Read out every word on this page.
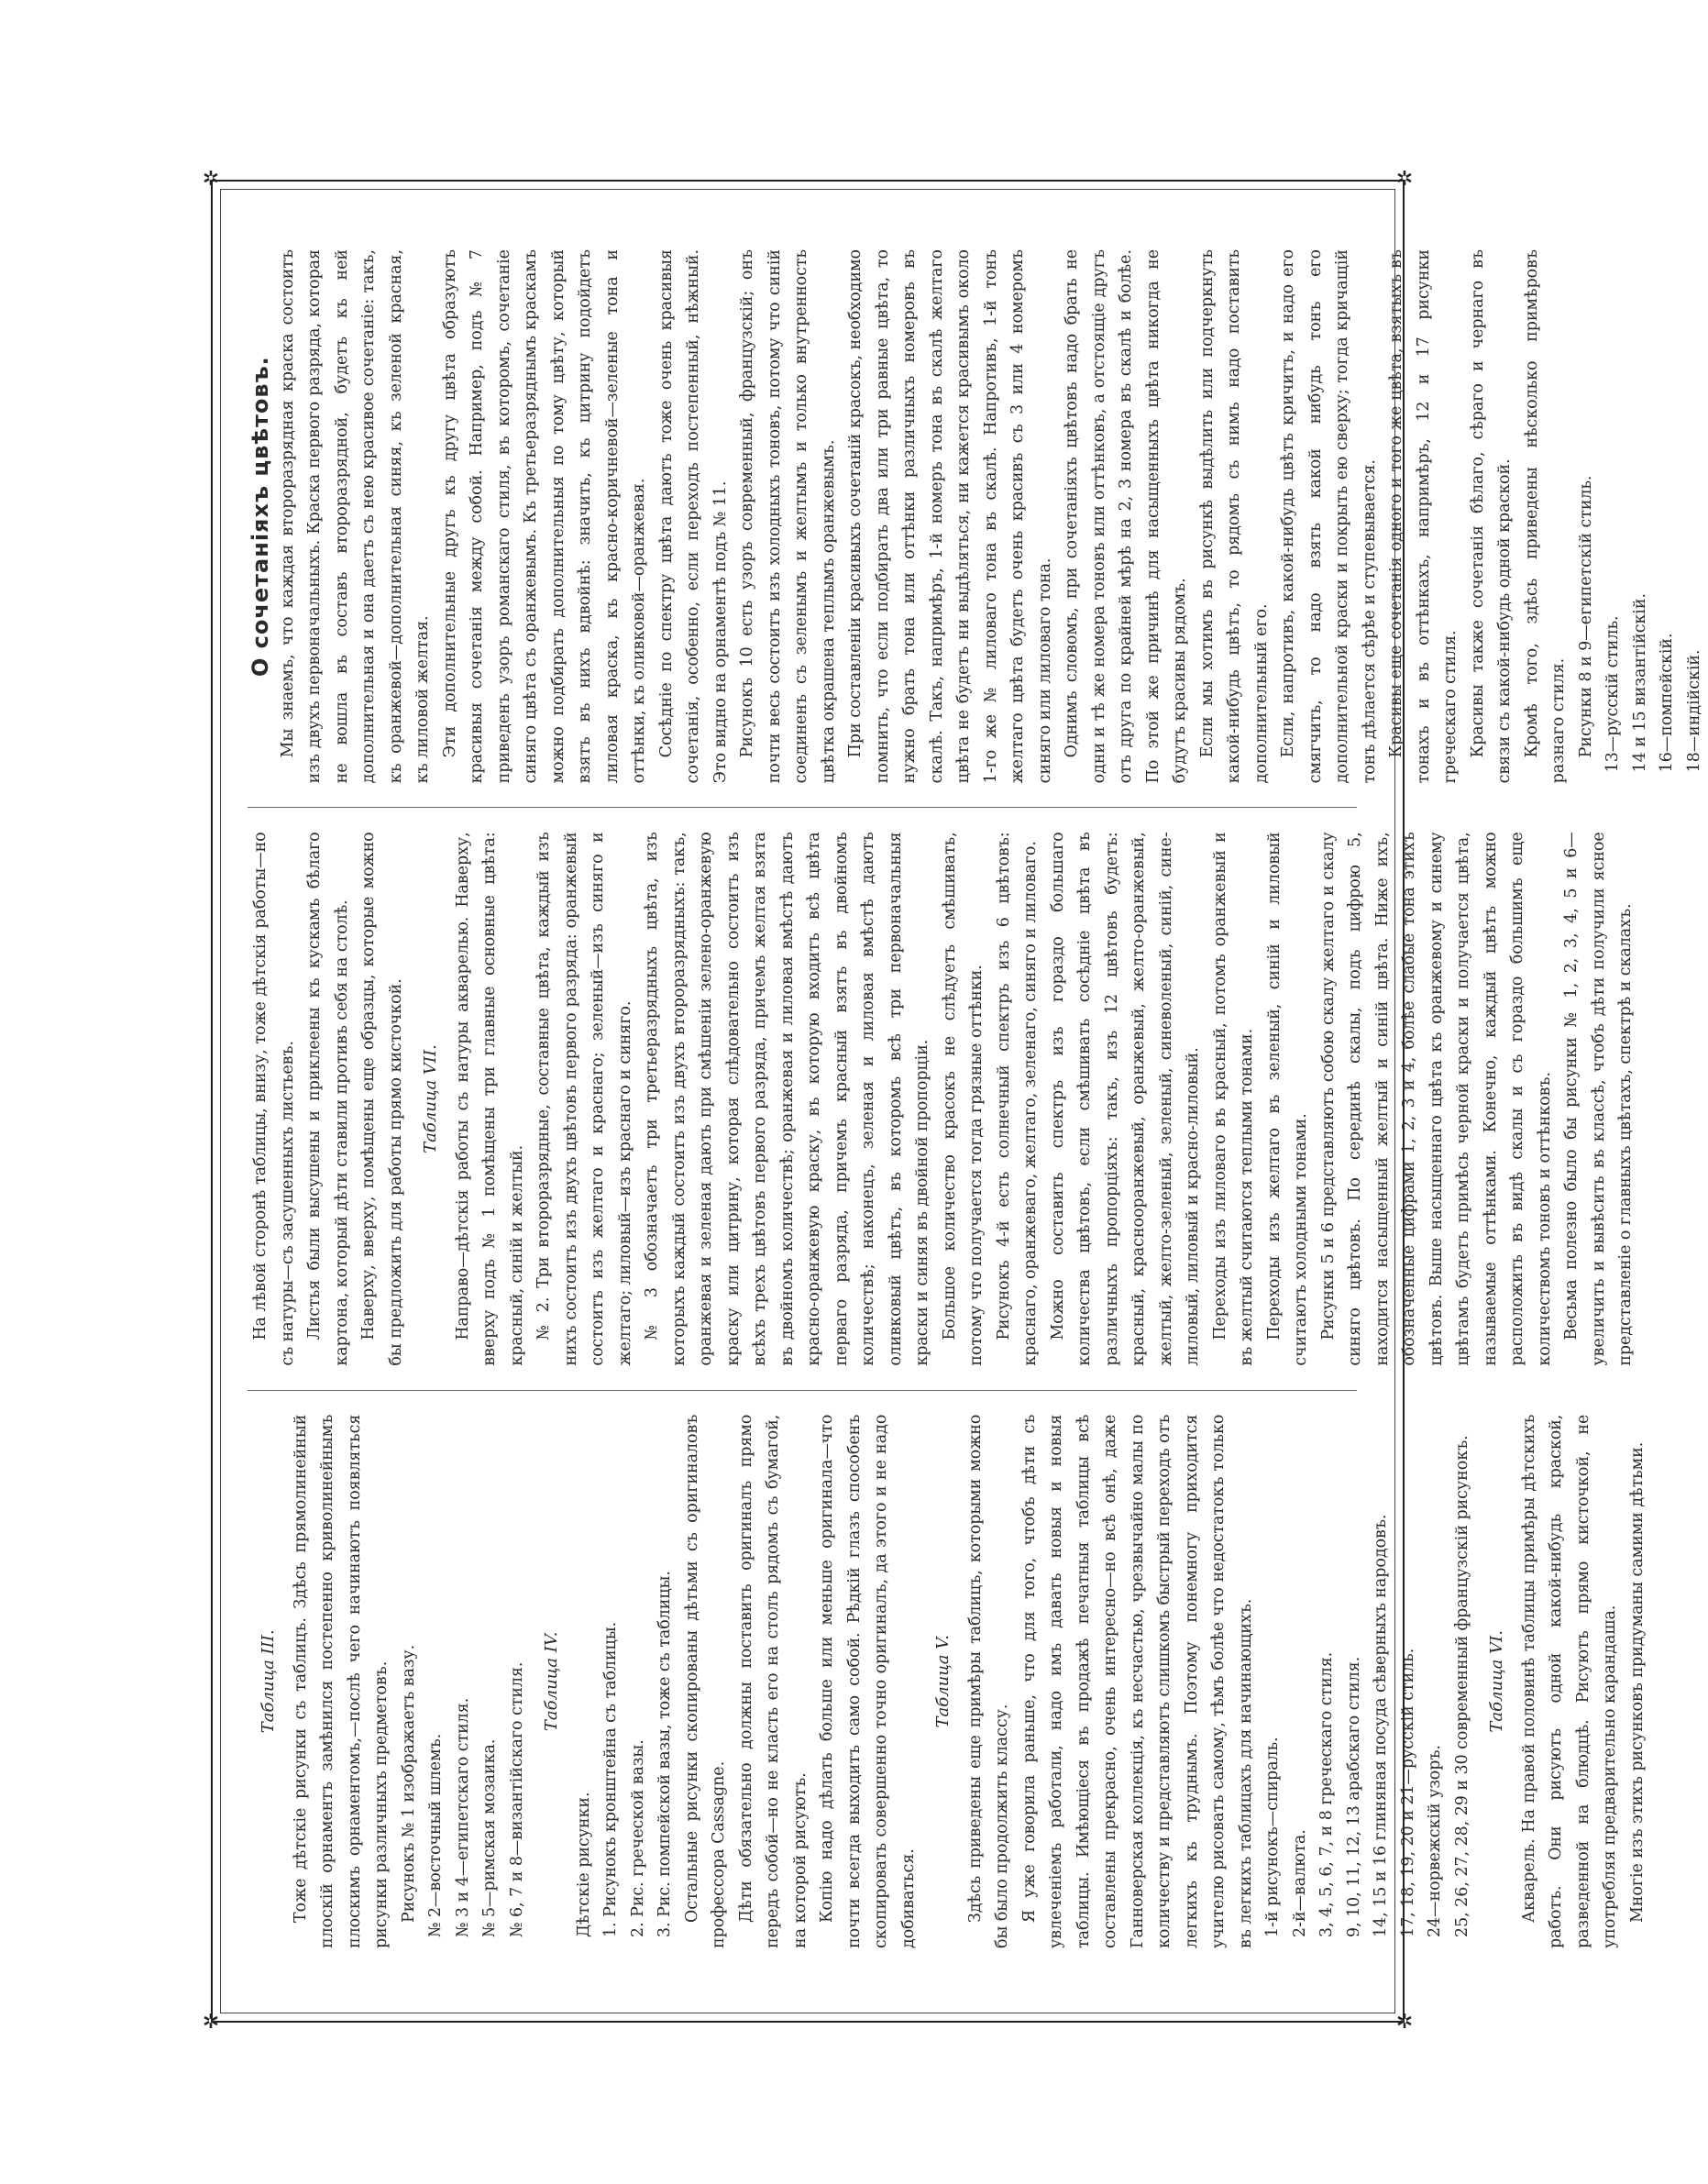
✲	✲
✲	✲

Таблица III. Тоже дѣтскіе рисунки съ таблицъ. Здѣсь прямолинейный плоскій орнаментъ замѣнился постепенно криволинейнымъ плоскимъ орнаментомъ,—послѣ чего начинаютъ появляться рисунки различныхъ предметовъ. Рисунокъ № 1 изображаетъ вазу. № 2—восточный шлемъ. № 3 и 4—египетскаго стиля. № 5—римская мозаика. № 6, 7 и 8—византійскаго стиля. Таблица IV.

Дѣтскіе рисунки. 1. Рисунокъ кронштейна съ таблицы. 2. Рис. греческой вазы. 3. Рис. помпейской вазы, тоже съ таблицы. Остальные рисунки скопированы дѣтьми съ оригиналовъ профессора Cassagne. Дѣти обязательно должны поставить оригиналъ прямо передъ собой—но не класть его на столъ рядомъ съ бумагой, на которой рисуютъ. Копію надо дѣлать больше или меньше оригинала—что почти всегда выходитъ само собой. Рѣдкій глазъ способенъ скопировать совершенно точно оригиналъ, да этого и не надо добиваться.

Таблица V. Здѣсь приведены еще примѣры таблицъ, которыми можно бы было продолжить классу. Я уже говорила раньше, что для того, чтобъ дѣти съ увлеченіемъ работали, надо имъ давать новыя и новыя таблицы. Имѣющіеся въ продажѣ печатныя таблицы всѣ составлены прекрасно, очень интересно—но всѣ онѣ, даже Ганноверская коллекція, къ несчастью, чрезвычайно малы по количеству и представляютъ слишкомъ быстрый переходъ отъ легкихъ къ труднымъ. Поэтому понемногу приходится учителю рисовать самому, тѣмъ болѣе что недостатокъ только въ легкихъ таблицахъ для начинающихъ. 1-й рисунокъ—спираль. 2-й—валюта. 3, 4, 5, 6, 7, и 8 греческаго стиля. 9, 10, 11, 12, 13 арабскаго стиля. 14, 15 и 16 глиняная посуда сѣверныхъ народовъ. 17, 18, 19, 20 и 21—русскій стиль. 24—норвежскій узоръ. 25, 26, 27, 28, 29 и 30 современный французскій рисунокъ. Таблица VI. Акварель. На правой половинѣ таблицы примѣры дѣтскихъ работъ. Они рисуютъ одной какой-нибудь краской, разведенной на блюдцѣ. Рисуютъ прямо кисточкой, не употребляя предварительно карандаша. Многіе изъ этихъ рисунковъ придуманы самими дѣтьми.

На лѣвой сторонѣ таблицы, внизу, тоже дѣтскія работы—но съ натуры—съ засушенныхъ листьевъ. Листья были высушены и приклеены къ кускамъ бѣлаго картона, который дѣти ставили противъ себя на столѣ. Наверху, вверху, помѣщены еще образцы, которые можно бы предложить для работы прямо кисточкой. Таблица VII. Направо—дѣтскія работы съ натуры акварелью. Наверху, вверху подъ № 1 помѣщены три главные основные цвѣта: красный, синій и желтый. № 2. Три второразрядные, составные цвѣта, каждый изъ нихъ состоитъ изъ двухъ цвѣтовъ первого разряда: оранжевый состоитъ изъ желтаго и краснаго; зеленый—изъ синяго и желтаго; лиловый—изъ краснаго и синяго. № 3 обозначаетъ три третьеразрядныхъ цвѣта, изъ которыхъ каждый состоитъ изъ двухъ второразрядныхъ: такъ, оранжевая и зеленая дають при смѣшеніи зелено-оранжевую краску или цитрину, которая слѣдовательно состоитъ изъ всѣхъ трехъ цвѣтовъ первого разряда, причемъ желтая взята въ двойномъ количествѣ; оранжевая и лиловая вмѣстѣ даютъ красно-оранжевую краску, въ которую входитъ всѣ цвѣта перваго разряда, причемъ красный взятъ въ двойномъ количествѣ; наконецъ, зеленая и лиловая вмѣстѣ даютъ оливковый цвѣтъ, въ которомъ всѣ три первоначальныя краски и синяя въ двойной пропорціи. Большое количество красокъ не слѣдуетъ смѣшивать, потому что получается тогда грязные оттѣнки. Рисунокъ 4-й есть солнечный спектръ изъ 6 цвѣтовъ: краснаго, оранжеваго, желтаго, зеленаго, синяго и лиловаго. Можно составить спектръ изъ гораздо большаго количества цвѣтовъ, если смѣшивать сосѣдніе цвѣта въ различныхъ пропорціяхъ: такъ, изъ 12 цвѣтовъ будетъ: красный, краснооранжевый, оранжевый, желто-оранжевый, желтый, желто-зеленый, зеленый, синеволеный, синій, сине-лиловый, лиловый и красно-лиловый. Переходы изъ лиловаго въ красный, потомъ оранжевый и въ желтый считаются теплыми тонами. Переходы изъ желтаго въ зеленый, синій и лиловый считаютъ холодными тонами. Рисунки 5 и 6 представляютъ собою скалу желтаго и скалу синяго цвѣтовъ. По серединѣ скалы, подъ цифрою 5, находится насыщенный желтый и синій цвѣта. Ниже ихъ, обозначенные цифрами 1, 2, 3 и 4, болѣе слабые тона этихъ цвѣтовъ. Выше насыщеннаго цвѣта къ оранжевому и синему цвѣтамъ будетъ примѣсь черной краски и получается цвѣта, называемые оттѣнками. Конечно, каждый цвѣтъ можно расположить въ видѣ скалы и съ гораздо большимъ еще количествомъ тоновъ и оттѣнковъ. Весьма полезно было бы рисунки № 1, 2, 3, 4, 5 и 6—увеличить и вывѣсить въ классѣ, чтобъ дѣти получили ясное представленіе о главныхъ цвѣтахъ, спектрѣ и скалахъ.

О сочетаніяхъ цвѣтовъ. Мы знаемъ, что каждая второразрядная краска состоитъ изъ двухъ первоначальныхъ. Краска первого разряда, которая не вошла въ составъ второразрядной, будетъ къ ней дополнительная и она даетъ съ нею красивое сочетаніе: такъ, къ оранжевой—дополнительная синяя, къ зеленой красная, къ лиловой желтая. Эти дополнительные другъ къ другу цвѣта образуютъ красивыя сочетанія между собой. Например, подъ № 7 приведенъ узоръ романскаго стиля, въ которомъ, сочетаніе синяго цвѣта съ оранжевымъ. Къ третьеразряднымъ краскамъ можно подбирать дополнительныя по тому цвѣту, который взятъ въ нихъ вдвойнѣ: значить, къ цитрину подойдетъ лиловая краска, къ красно-коричневой—зеленые тона и оттѣнки, къ оливковой—оранжевая. Сосѣдніе по спектру цвѣта даютъ тоже очень красивыя сочетанія, особенно, если переходъ постепенный, нѣжный. Это видно на орнаментѣ подъ № 11. Рисунокъ 10 есть узоръ современный, французскій; онъ почти весь состоитъ изъ холодныхъ тоновъ, потому что синій соединенъ съ зеленымъ и желтымъ и только внутренность цвѣтка окрашена теплымъ оранжевымъ. При составленіи красивыхъ сочетаній красокъ, необходимо помнить, что если подбирать два или три равные цвѣта, то нужно брать тона или оттѣнки различныхъ номеровъ въ скалѣ. Такъ, напримѣръ, 1-й номеръ тона въ скалѣ желтаго цвѣта не будетъ ни выдѣляться, ни кажется красивымъ около 1-го же № лиловаго тона въ скалѣ. Напротивъ, 1-й тонъ желтаго цвѣта будетъ очень красивъ съ 3 или 4 номеромъ синяго или лиловаго тона. Однимъ словомъ, при сочетаніяхъ цвѣтовъ надо брать не одни и тѣ же номера тоновъ или оттѣнковъ, а отстоящіе другъ отъ друга по крайней мѣрѣ на 2, 3 номера въ скалѣ и болѣе. По этой же причинѣ для насыщенныхъ цвѣта никогда не будутъ красивы рядомъ. Если мы хотимъ въ рисункѣ выдѣлить или подчеркнуть какой-нибудь цвѣтъ, то рядомъ съ нимъ надо поставить дополнительный его. Если, напротивъ, какой-нибудь цвѣтъ кричитъ, и надо его смягчить, то надо взять какой нибудь тонъ его дополнительной краски и покрыть ею сверху; тогда кричащій тонъ дѣлается сѣрѣе и ступевывается. Красивы еще сочетанія одного и того же цвѣта, взятыхъ въ тонахъ и въ оттѣнкахъ, напримѣръ, 12 и 17 рисунки греческаго стиля. Красивы также сочетанія бѣлаго, сѣраго и чернаго въ связи съ какой-нибудь одной краской. Кромѣ того, здѣсь приведены нѣсколько примѣровъ разнаго стиля. Рисунки 8 и 9—египетскій стиль. 13—русскій стиль. 14 и 15 византійскій. 16—помпейскій. 18—индійскій.
